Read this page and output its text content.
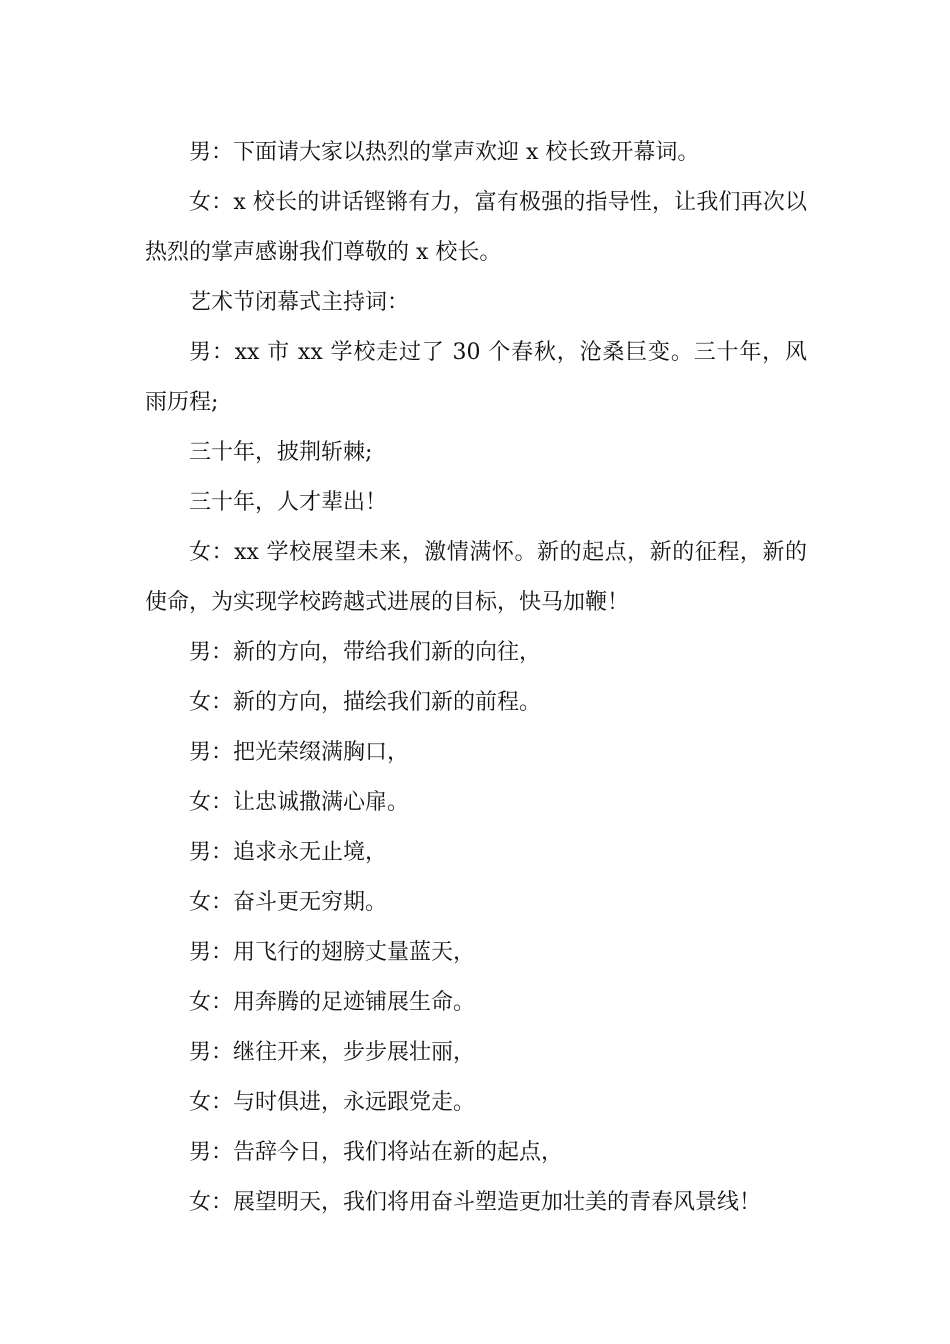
男：下面请大家以热烈的掌声欢迎 x 校长致开幕词。

女：x 校长的讲话铿锵有力，富有极强的指导性，让我们再次以热烈的掌声感谢我们尊敬的 x 校长。

艺术节闭幕式主持词：

男：xx 市 xx 学校走过了 30 个春秋，沧桑巨变。三十年，风雨历程;

三十年，披荆斩棘;

三十年，人才辈出！

女：xx 学校展望未来，激情满怀。新的起点，新的征程，新的使命，为实现学校跨越式进展的目标，快马加鞭！

男：新的方向，带给我们新的向往，

女：新的方向，描绘我们新的前程。

男：把光荣缀满胸口，

女：让忠诚撒满心扉。

男：追求永无止境，

女：奋斗更无穷期。

男：用飞行的翅膀丈量蓝天，

女：用奔腾的足迹铺展生命。

男：继往开来，步步展壮丽，

女：与时俱进，永远跟党走。

男：告辞今日，我们将站在新的起点，

女：展望明天，我们将用奋斗塑造更加壮美的青春风景线！
